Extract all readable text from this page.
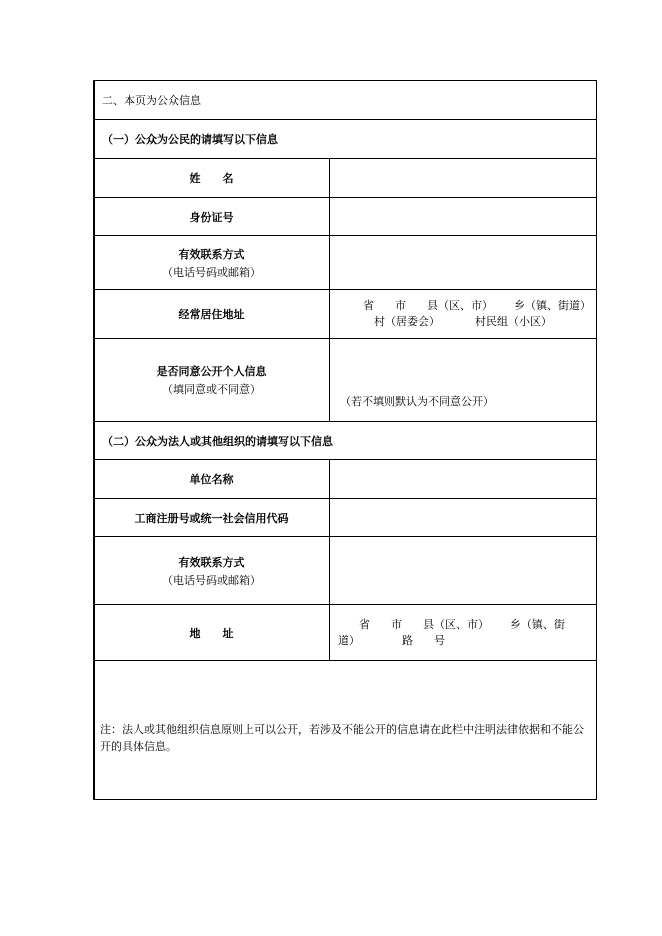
二、本页为公众信息
（一）公众为公民的请填写以下信息
姓　　名
身份证号
有效联系方式
（电话号码或邮箱）
经常居住地址
省      市      县（区、市）      乡（镇、街道）
村（居委会）          村民组（小区）
是否同意公开个人信息
（填同意或不同意）
（若不填则默认为不同意公开）
（二）公众为法人或其他组织的请填写以下信息
单位名称
工商注册号或统一社会信用代码
有效联系方式
（电话号码或邮箱）
地　　址
省      市      县（区、市）      乡（镇、街
道）            路      号
注：法人或其他组织信息原则上可以公开，若涉及不能公开的信息请在此栏中注明法律依据和不能公开的具体信息。
